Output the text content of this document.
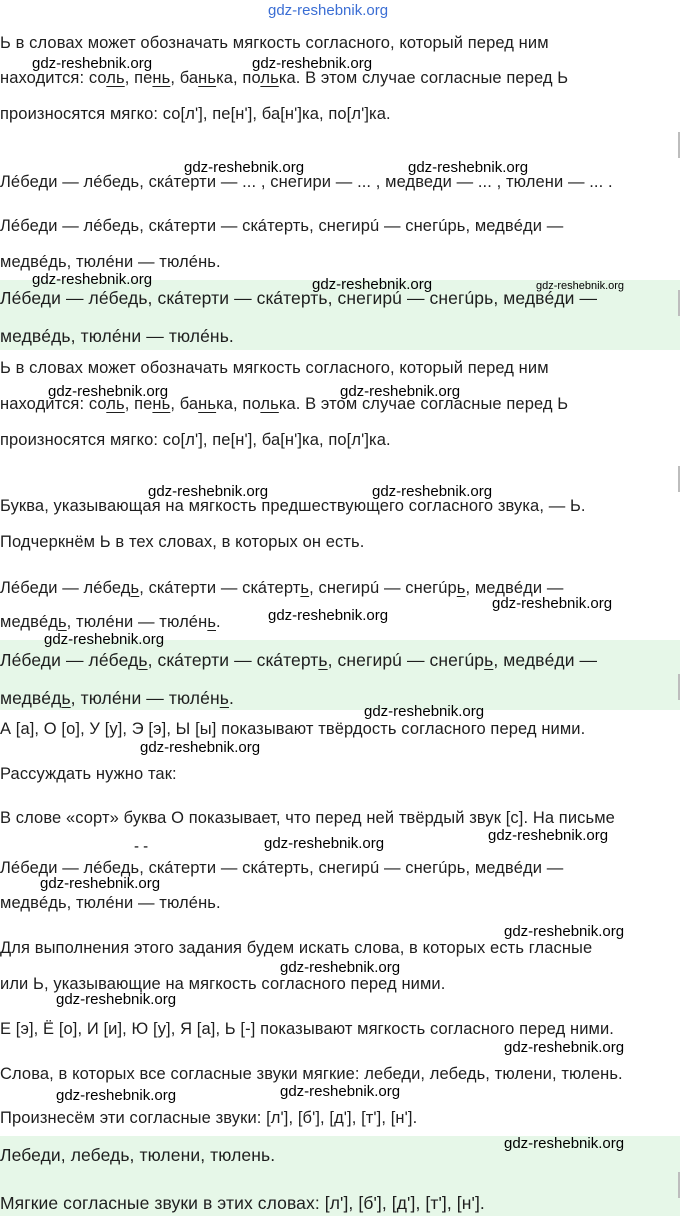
Ь в словах может обозначать мягкость согласного, который перед ним
находится: соль, пень, банька, полька. В этом случае согласные перед Ь
произносятся мягко: со[л'], пе[н'], ба[н']ка, по[л']ка.
Лéбеди — лéбедь, скáтерти — ... , снегири — ... , медведи — ... , тюлени — ... .
Лéбеди — лéбедь, скáтерти — скáтерть, снегирú — снегúрь, медвéди —
медвéдь, тюлéни — тюлéнь.
Лéбеди — лéбедь, скáтерти — скáтерть, снегирú — снегúрь, медвéди —
медвéдь, тюлéни — тюлéнь.
Ь в словах может обозначать мягкость согласного, который перед ним
находится: соль, пень, банька, полька. В этом случае согласные перед Ь
произносятся мягко: со[л'], пе[н'], ба[н']ка, по[л']ка.
Буква, указывающая на мягкость предшествующего согласного звука, — Ь.
Подчеркнём Ь в тех словах, в которых он есть.
Лéбеди — лéбедь, скáтерти — скáтерть, снегирú — снегúрь, медвéди —
медвéдь, тюлéни — тюлéнь.
Лéбеди — лéбедь, скáтерти — скáтерть, снегирú — снегúрь, медвéди —
медвéдь, тюлéни — тюлéнь.
А [а], О [о], У [у], Э [э], Ы [ы] показывают твёрдость согласного перед ними.
Рассуждать нужно так:
В слове «сорт» буква О показывает, что перед ней твёрдый звук [с]. На письме
Лéбеди — лéбедь, скáтерти — скáтерть, снегирú — снегúрь, медвéди —
медвéдь, тюлéни — тюлéнь.
Для выполнения этого задания будем искать слова, в которых есть гласные
или Ь, указывающие на мягкость согласного перед ними.
Е [э], Ё [о], И [и], Ю [у], Я [а], Ь [-] показывают мягкость согласного перед ними.
Слова, в которых все согласные звуки мягкие: лебеди, лебедь, тюлени, тюлень.
Произнесём эти согласные звуки: [л'], [б'], [д'], [т'], [н'].
Лебеди, лебедь, тюлени, тюлень.
Мягкие согласные звуки в этих словах: [л'], [б'], [д'], [т'], [н'].
- -
gdz-reshebnik.org
gdz-reshebnik.org	gdz-reshebnik.org
gdz-reshebnik.org	gdz-reshebnik.org
gdz-reshebnik.org	gdz-reshebnik.org	gdz-reshebnik.org
gdz-reshebnik.org	gdz-reshebnik.org
gdz-reshebnik.org	gdz-reshebnik.org
gdz-reshebnik.org
gdz-reshebnik.org
gdz-reshebnik.org
gdz-reshebnik.org
gdz-reshebnik.org
gdz-reshebnik.org
gdz-reshebnik.org
gdz-reshebnik.org
gdz-reshebnik.org
gdz-reshebnik.org
gdz-reshebnik.org
gdz-reshebnik.org
gdz-reshebnik.org
gdz-reshebnik.org
gdz-reshebnik.org
